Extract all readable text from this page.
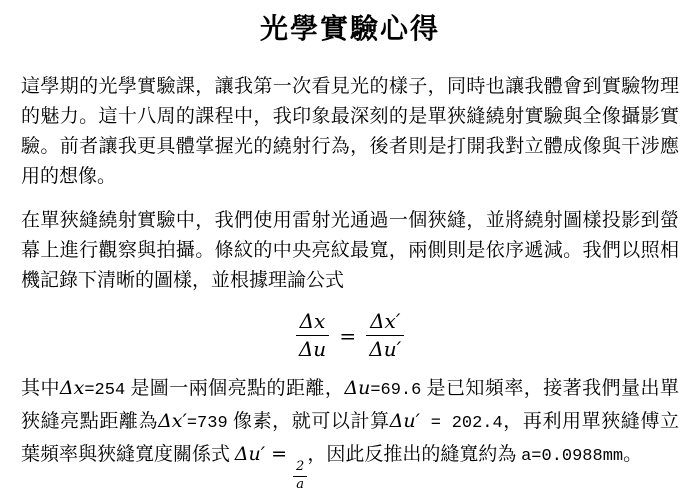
光學實驗心得

這學期的光學實驗課，讓我第一次看見光的樣子，同時也讓我體會到實驗物理的魅力。這十八周的課程中，我印象最深刻的是單狹縫繞射實驗與全像攝影實驗。前者讓我更具體掌握光的繞射行為，後者則是打開我對立體成像與干涉應用的想像。

在單狹縫繞射實驗中，我們使用雷射光通過一個狹縫，並將繞射圖樣投影到螢幕上進行觀察與拍攝。條紋的中央亮紋最寬，兩側則是依序遞減。我們以照相機記錄下清晰的圖樣，並根據理論公式

$\frac{\Delta x}{\Delta u} = \frac{\Delta x'}{\Delta u'}$

其中Δx=254 是圖一兩個亮點的距離，Δu=69.6 是已知頻率，接著我們量出單狹縫亮點距離為Δx′=739 像素，就可以計算Δu′ = 202.4，再利用單狹縫傅立葉頻率與狹縫寬度關係式 Δu′ =
$\frac{2}{a}$
，因此反推出的縫寬約為 a=0.0988mm。
